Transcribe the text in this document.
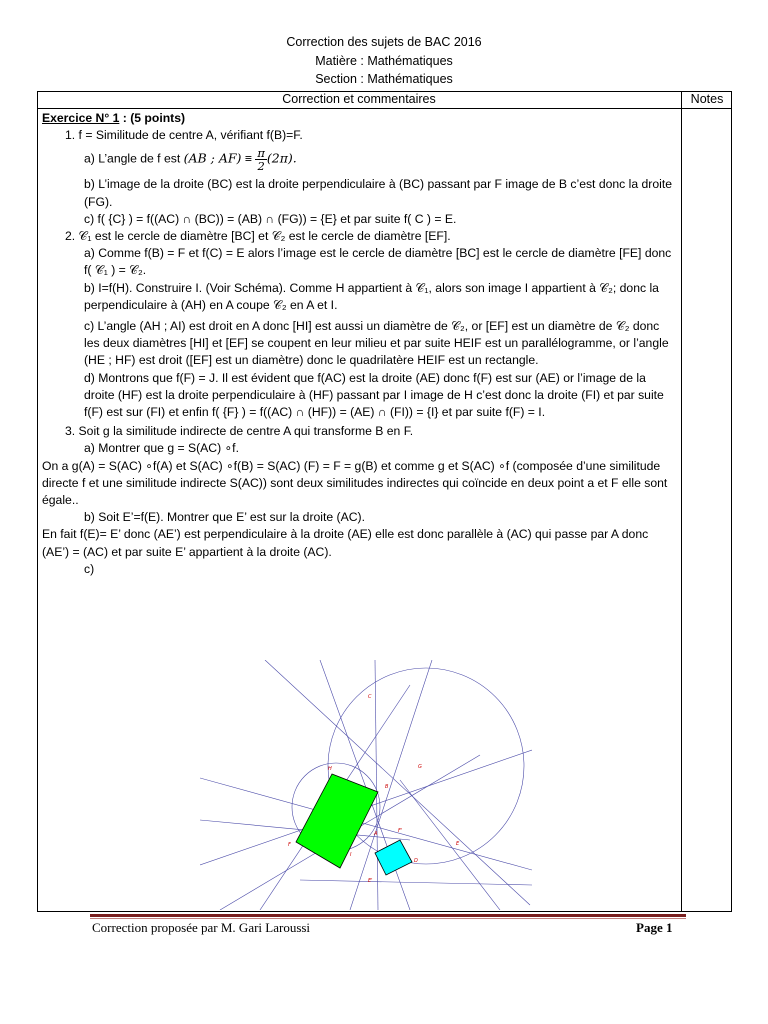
Correction des sujets de BAC 2016
Matière : Mathématiques
Section : Mathématiques
Correction et commentaires	Notes

Exercice N° 1 : (5 points)

1. f = Similitude de centre A, vérifiant f(B)=F.

a) L’angle de f est (AB ; $AF) \equiv \frac{\pi}{2} (2\pi)$.

b) L’image de la droite (BC) est la droite perpendiculaire à (BC) passant par F image de B c’est donc la droite (FG).

c) f( {C} ) = f((AC) ∩ (BC)) = (AB) ∩ (FG)) = {E} et par suite f( C ) = E.

2. 𝒞₁ est le cercle de diamètre [BC] et 𝒞₂ est le cercle de diamètre [EF].

a) Comme f(B) = F et f(C) = E alors l’image est le cercle de diamètre [BC] est le cercle de diamètre [FE] donc f( 𝒞₁ ) = 𝒞₂.

b) I=f(H). Construire I. (Voir Schéma). Comme H appartient à 𝒞₁, alors son image I appartient à 𝒞₂; donc la perpendiculaire à (AH) en A coupe 𝒞₂ en A et I.

c) L’angle (AH ; AI) est droit en A donc [HI] est aussi un diamètre de 𝒞₂, or [EF] est un diamètre de 𝒞₂ donc les deux diamètres [HI] et [EF] se coupent en leur milieu et par suite HEIF est un parallélogramme, or l’angle (HE ; HF) est droit ([EF] est un diamètre) donc le quadrilatère HEIF est un rectangle.

d) Montrons que f(F) = J. Il est évident que f(AC) est la droite (AE) donc f(F) est sur (AE) or l’image de la droite (HF) est la droite perpendiculaire à (HF) passant par I image de H c’est donc la droite (FI) et par suite f(F) est sur (FI) et enfin f( {F} ) = f((AC) ∩ (HF)) = (AE) ∩ (FI)) = {I} et par suite f(F) = I.

3. Soit g la similitude indirecte de centre A qui transforme B en F.

a) Montrer que g = S(AC) ∘f.

On a g(A) = S(AC) ∘f(A) et S(AC) ∘f(B) = S(AC) (F) = F = g(B) et comme g et S(AC) ∘f (composée d’une similitude directe f et une similitude indirecte S(AC)) sont deux similitudes indirectes qui coïncide en deux point a et F elle sont égale..

b) Soit E’=f(E). Montrer que E’ est sur la droite (AC).

En fait f(E)= E’ donc (AE’) est perpendiculaire à la droite (AE) elle est donc parallèle à (AC) qui passe par A donc (AE’) = (AC) et par suite E’ appartient à la droite (AC).

c)

C
G
H
B
E
F
A
I
F'
D
E'
Correction proposée par M. Gari Laroussi	Page 1
